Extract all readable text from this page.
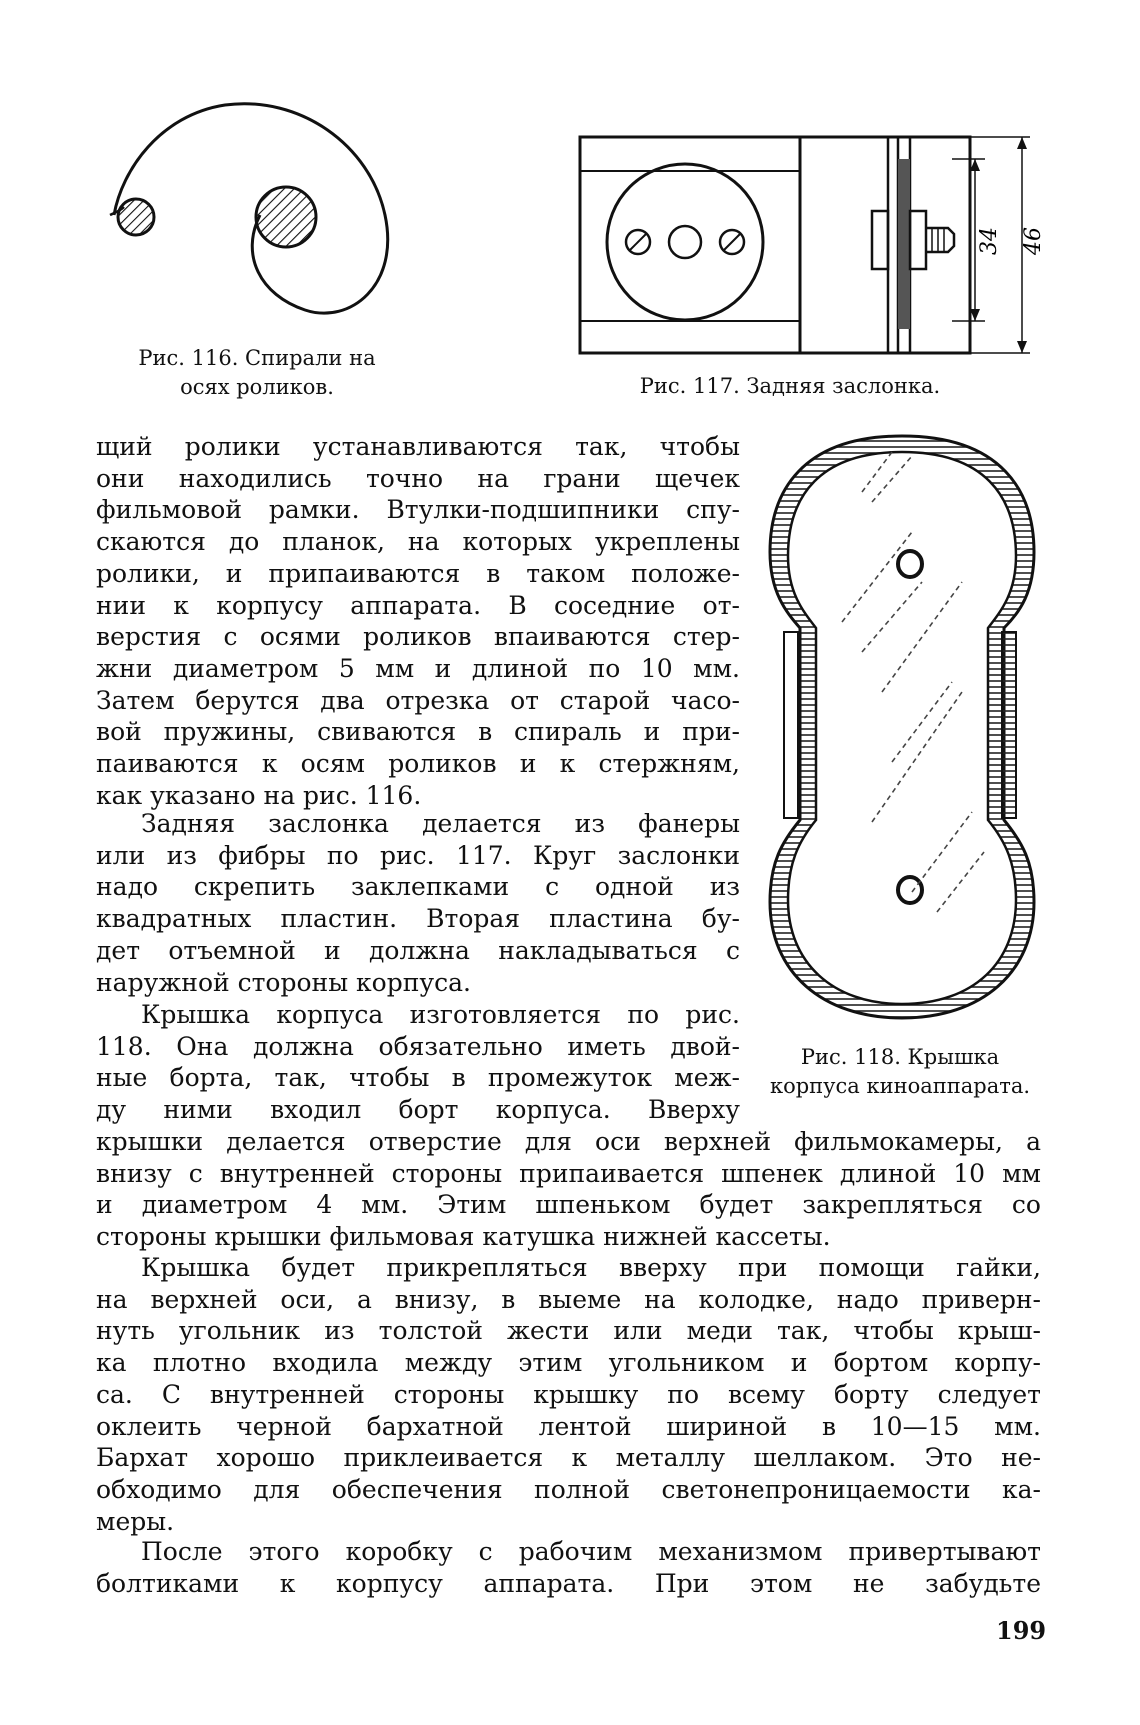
Рис. 116. Спирали на
осях роликов.
34 46
Рис. 117. Задняя заслонка.
Рис. 118. Крышка
корпуса киноаппарата.
щий ролики устанавливаются так, чтобы
они находились точно на грани щечек
фильмовой рамки. Втулки-подшипники спу-
скаются до планок, на которых укреплены
ролики, и припаиваются в таком положе-
нии к корпусу аппарата. В соседние от-
верстия с осями роликов впаиваются стер-
жни диаметром 5 мм и длиной по 10 мм.
Затем берутся два отрезка от старой часо-
вой пружины, свиваются в спираль и при-
паиваются к осям роликов и к стержням,
как указано на рис. 116.
Задняя заслонка делается из фанеры
или из фибры по рис. 117. Круг заслонки
надо скрепить заклепками с одной из
квадратных пластин. Вторая пластина бу-
дет отъемной и должна накладываться с
наружной стороны корпуса.
Крышка корпуса изготовляется по рис.
118. Она должна обязательно иметь двой-
ные борта, так, чтобы в промежуток меж-
ду ними входил борт корпуса. Вверху
крышки делается отверстие для оси верхней фильмокамеры, а
внизу с внутренней стороны припаивается шпенек длиной 10 мм
и диаметром 4 мм. Этим шпеньком будет закрепляться со
стороны крышки фильмовая катушка нижней кассеты.
Крышка будет прикрепляться вверху при помощи гайки,
на верхней оси, а внизу, в выеме на колодке, надо приверн-
нуть угольник из толстой жести или меди так, чтобы крыш-
ка плотно входила между этим угольником и бортом корпу-
са. С внутренней стороны крышку по всему борту следует
оклеить черной бархатной лентой шириной в 10—15 мм.
Бархат хорошо приклеивается к металлу шеллаком. Это не-
обходимо для обеспечения полной светонепроницаемости ка-
меры.
После этого коробку с рабочим механизмом привертывают
болтиками к корпусу аппарата. При этом не забудьте
199
